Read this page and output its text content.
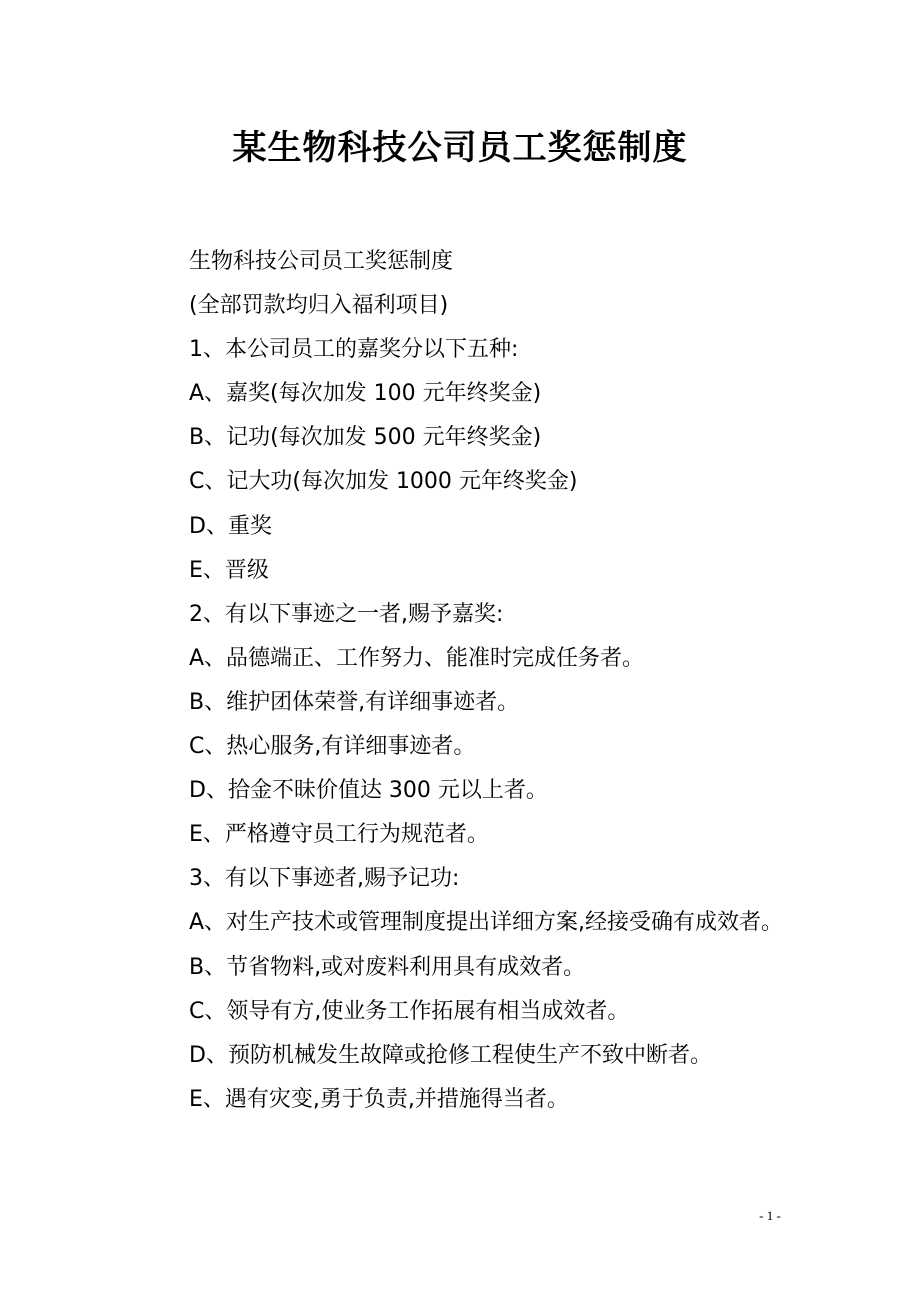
某生物科技公司员工奖惩制度

生物科技公司员工奖惩制度

(全部罚款均归入福利项目)

1、本公司员工的嘉奖分以下五种:

A、嘉奖(每次加发 100 元年终奖金)

B、记功(每次加发 500 元年终奖金)

C、记大功(每次加发 1000 元年终奖金)

D、重奖

E、晋级

2、有以下事迹之一者,赐予嘉奖:

A、品德端正、工作努力、能准时完成任务者。

B、维护团体荣誉,有详细事迹者。

C、热心服务,有详细事迹者。

D、拾金不昧价值达 300 元以上者。

E、严格遵守员工行为规范者。

3、有以下事迹者,赐予记功:

A、对生产技术或管理制度提出详细方案,经接受确有成效者。

B、节省物料,或对废料利用具有成效者。

C、领导有方,使业务工作拓展有相当成效者。

D、预防机械发生故障或抢修工程使生产不致中断者。

E、遇有灾变,勇于负责,并措施得当者。

- 1 -
